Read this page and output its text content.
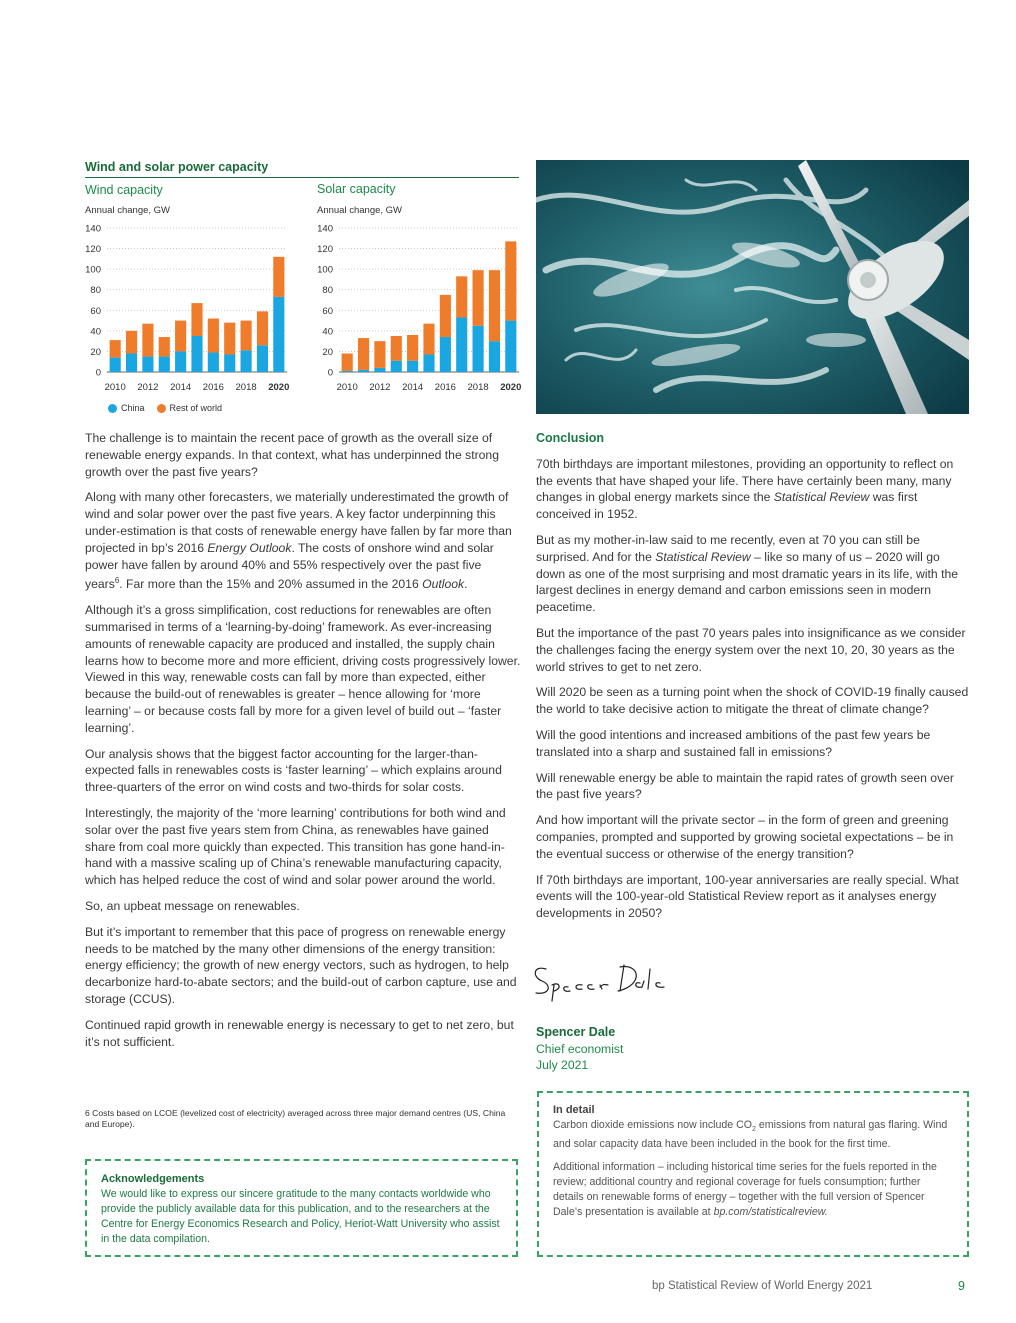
Wind and solar power capacity
Wind capacity
Annual change, GW
0
20
40
60
80
100
120
140
2010 2012 2014 2016 2018 2020
Solar capacity
Annual change, GW
0
20
40
60
80
100
120
140
2010 2012 2014 2016 2018 2020
China	Rest of world

The challenge is to maintain the recent pace of growth as the overall size of renewable energy expands. In that context, what has underpinned the strong growth over the past five years?

Along with many other forecasters, we materially underestimated the growth of wind and solar power over the past five years. A key factor underpinning this under-estimation is that costs of renewable energy have fallen by far more than projected in bp’s 2016 Energy Outlook. The costs of onshore wind and solar power have fallen by around 40% and 55% respectively over the past five years$^6$. Far more than the 15% and 20% assumed in the 2016 Outlook.

Although it’s a gross simplification, cost reductions for renewables are often summarised in terms of a ‘learning-by-doing’ framework. As ever-increasing amounts of renewable capacity are produced and installed, the supply chain learns how to become more and more efficient, driving costs progressively lower. Viewed in this way, renewable costs can fall by more than expected, either because the build-out of renewables is greater – hence allowing for ‘more learning’ – or because costs fall by more for a given level of build out – ‘faster learning’.

Our analysis shows that the biggest factor accounting for the larger-than-expected falls in renewables costs is ‘faster learning’ – which explains around three-quarters of the error on wind costs and two-thirds for solar costs.

Interestingly, the majority of the ‘more learning’ contributions for both wind and solar over the past five years stem from China, as renewables have gained share from coal more quickly than expected. This transition has gone hand-in-hand with a massive scaling up of China’s renewable manufacturing capacity, which has helped reduce the cost of wind and solar power around the world.

So, an upbeat message on renewables.

But it’s important to remember that this pace of progress on renewable energy needs to be matched by the many other dimensions of the energy transition: energy efficiency; the growth of new energy vectors, such as hydrogen, to help decarbonize hard-to-abate sectors; and the build-out of carbon capture, use and storage (CCUS).

Continued rapid growth in renewable energy is necessary to get to net zero, but it’s not sufficient.

6 Costs based on LCOE (levelized cost of electricity) averaged across three major demand centres (US, China and Europe).
Conclusion

70th birthdays are important milestones, providing an opportunity to reflect on the events that have shaped your life. There have certainly been many, many changes in global energy markets since the Statistical Review was first conceived in 1952.

But as my mother-in-law said to me recently, even at 70 you can still be surprised. And for the Statistical Review – like so many of us – 2020 will go down as one of the most surprising and most dramatic years in its life, with the largest declines in energy demand and carbon emissions seen in modern peacetime.

But the importance of the past 70 years pales into insignificance as we consider the challenges facing the energy system over the next 10, 20, 30 years as the world strives to get to net zero.

Will 2020 be seen as a turning point when the shock of COVID-19 finally caused the world to take decisive action to mitigate the threat of climate change?

Will the good intentions and increased ambitions of the past few years be translated into a sharp and sustained fall in emissions?

Will renewable energy be able to maintain the rapid rates of growth seen over the past five years?

And how important will the private sector – in the form of green and greening companies, prompted and supported by growing societal expectations – be in the eventual success or otherwise of the energy transition?

If 70th birthdays are important, 100-year anniversaries are really special. What events will the 100-year-old Statistical Review report as it analyses energy developments in 2050?

Spencer Dale
Chief economist
July 2021
Acknowledgements
We would like to express our sincere gratitude to the many contacts worldwide who provide the publicly available data for this publication, and to the researchers at the Centre for Energy Economics Research and Policy, Heriot-Watt University who assist in the data compilation.
In detail
Carbon dioxide emissions now include $CO_2$ emissions from natural gas flaring. Wind and solar capacity data have been included in the book for the first time.
Additional information – including historical time series for the fuels reported in the review; additional country and regional coverage for fuels consumption; further details on renewable forms of energy – together with the full version of Spencer Dale’s presentation is available at bp.com/statisticalreview.
bp Statistical Review of World Energy 2021	9
